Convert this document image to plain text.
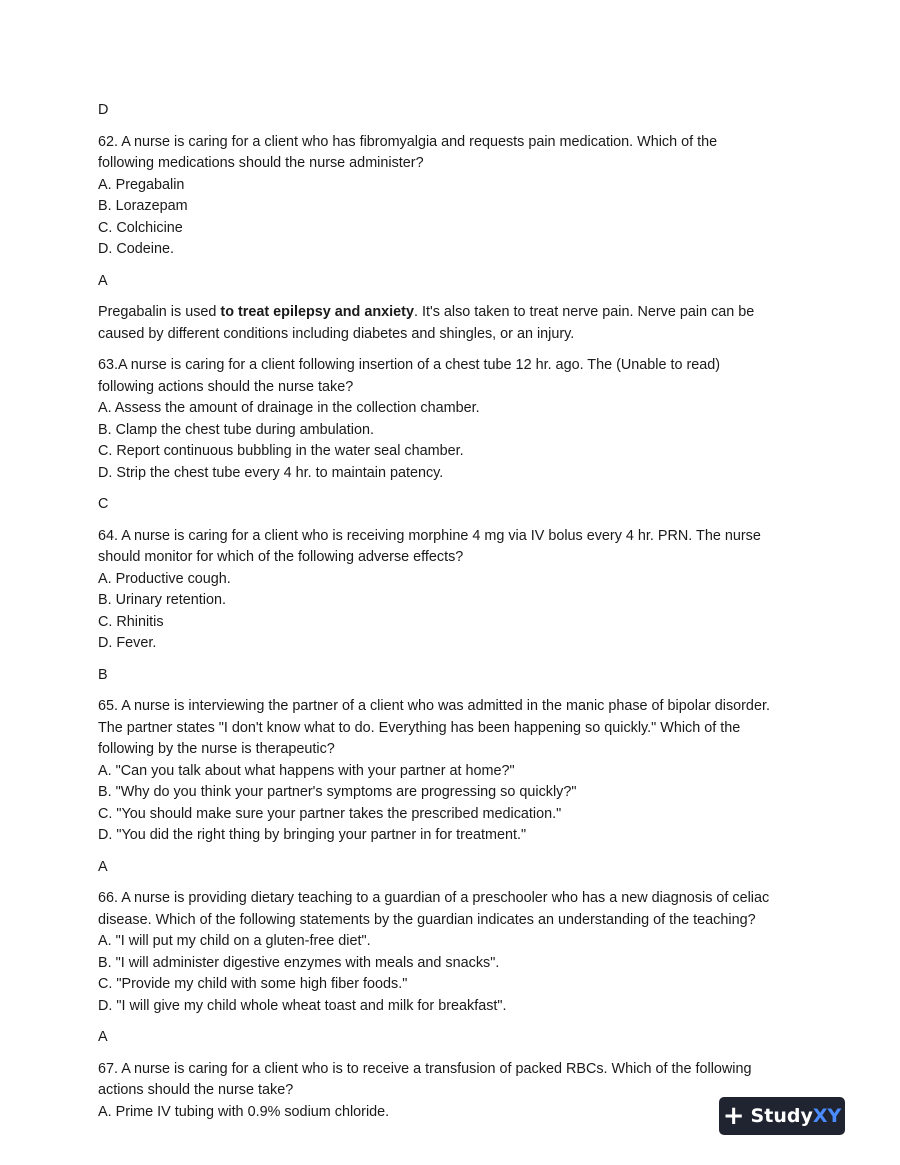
D
62. A nurse is caring for a client who has fibromyalgia and requests pain medication. Which of the
following medications should the nurse administer?
A. Pregabalin
B. Lorazepam
C. Colchicine
D. Codeine.
A
Pregabalin is used to treat epilepsy and anxiety. It's also taken to treat nerve pain. Nerve pain can be
caused by different conditions including diabetes and shingles, or an injury.
63.A nurse is caring for a client following insertion of a chest tube 12 hr. ago. The (Unable to read)
following actions should the nurse take?
A. Assess the amount of drainage in the collection chamber.
B. Clamp the chest tube during ambulation.
C. Report continuous bubbling in the water seal chamber.
D. Strip the chest tube every 4 hr. to maintain patency.
C
64. A nurse is caring for a client who is receiving morphine 4 mg via IV bolus every 4 hr. PRN. The nurse
should monitor for which of the following adverse effects?
A. Productive cough.
B. Urinary retention.
C. Rhinitis
D. Fever.
B
65. A nurse is interviewing the partner of a client who was admitted in the manic phase of bipolar disorder.
The partner states "I don't know what to do. Everything has been happening so quickly." Which of the
following by the nurse is therapeutic?
A. "Can you talk about what happens with your partner at home?"
B. "Why do you think your partner's symptoms are progressing so quickly?"
C. "You should make sure your partner takes the prescribed medication."
D. "You did the right thing by bringing your partner in for treatment."
A
66. A nurse is providing dietary teaching to a guardian of a preschooler who has a new diagnosis of celiac
disease. Which of the following statements by the guardian indicates an understanding of the teaching?
A. "I will put my child on a gluten-free diet".
B. "I will administer digestive enzymes with meals and snacks".
C. "Provide my child with some high fiber foods."
D. "I will give my child whole wheat toast and milk for breakfast".
A
67. A nurse is caring for a client who is to receive a transfusion of packed RBCs. Which of the following
actions should the nurse take?
A. Prime IV tubing with 0.9% sodium chloride.	+ StudyXY
